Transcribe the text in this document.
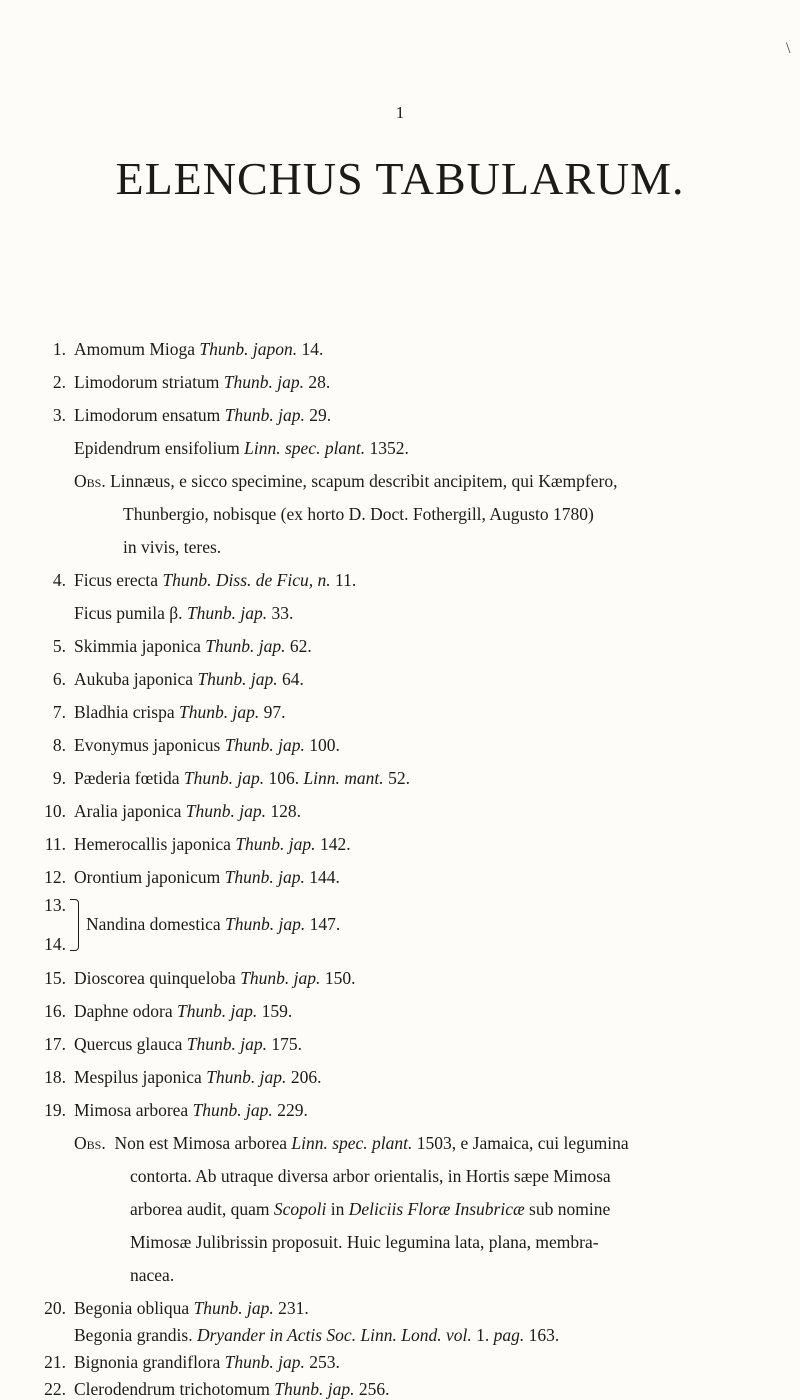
\
1
ELENCHUS TABULARUM.
1. Amomum Mioga Thunb. japon. 14.
2. Limodorum striatum Thunb. jap. 28.
3. Limodorum ensatum Thunb. jap. 29.
Epidendrum ensifolium Linn. spec. plant. 1352.
Obs. Linnæus, e sicco specimine, scapum describit ancipitem, qui Kæmpfero,
Thunbergio, nobisque (ex horto D. Doct. Fothergill, Augusto 1780)
in vivis, teres.
4. Ficus erecta Thunb. Diss. de Ficu, n. 11.
Ficus pumila β. Thunb. jap. 33.
5. Skimmia japonica Thunb. jap. 62.
6. Aukuba japonica Thunb. jap. 64.
7. Bladhia crispa Thunb. jap. 97.
8. Evonymus japonicus Thunb. jap. 100.
9. Pæderia fœtida Thunb. jap. 106. Linn. mant. 52.
10. Aralia japonica Thunb. jap. 128.
11. Hemerocallis japonica Thunb. jap. 142.
12. Orontium japonicum Thunb. jap. 144.
13.
14.
Nandina domestica Thunb. jap. 147.
15. Dioscorea quinqueloba Thunb. jap. 150.
16. Daphne odora Thunb. jap. 159.
17. Quercus glauca Thunb. jap. 175.
18. Mespilus japonica Thunb. jap. 206.
19. Mimosa arborea Thunb. jap. 229.
Obs. Non est Mimosa arborea Linn. spec. plant. 1503, e Jamaica, cui legumina
contorta. Ab utraque diversa arbor orientalis, in Hortis sæpe Mimosa
arborea audit, quam Scopoli in Deliciis Floræ Insubricæ sub nomine
Mimosæ Julibrissin proposuit. Huic legumina lata, plana, membra-
nacea.
20. Begonia obliqua Thunb. jap. 231.
Begonia grandis. Dryander in Actis Soc. Linn. Lond. vol. 1. pag. 163.
21. Bignonia grandiflora Thunb. jap. 253.
22. Clerodendrum trichotomum Thunb. jap. 256.
